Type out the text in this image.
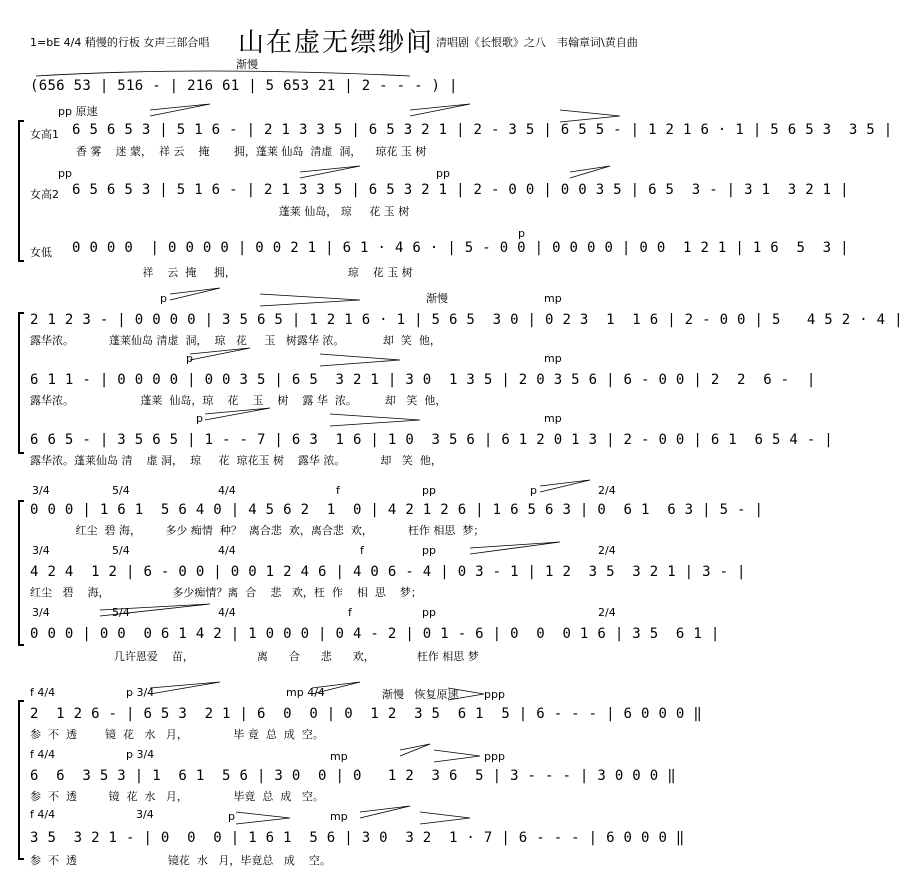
1=bE 4/4 稍慢的行板 女声三部合唱 山在虚无缥缈间 清唱剧《长恨歌》之八　韦翰章词\黄自曲
渐慢
(656 53 | 516 - | 216 61 | 5 653 21 | 2 - - - ) |
女高1 6 5 6 5 3 | 5 1 6 - | 2 1 3 3 5 | 6 5 3 2 1 | 2 - 3 5 | 6 5 5 - | 1 2 1 6 · 1 | 5 6 5 3  3 5 |
香 雾    迷 蒙，  祥 云    掩       拥，蓬莱 仙岛  清虚  洞，    琼花 玉 树
女高2 6 5 6 5 3 | 5 1 6 - | 2 1 3 3 5 | 6 5 3 2 1 | 2 - 0 0 | 0 0 3 5 | 6 5  3 - | 3 1  3 2 1 |
蓬莱 仙岛， 琼     花 玉 树
女低 0 0 0 0  | 0 0 0 0 | 0 0 2 1 | 6 1 · 4 6 · | 5 - 0 0 | 0 0 0 0 | 0 0  1 2 1 | 1 6  5  3 |
祥    云  掩     拥，                                琼    花 玉 树
2 1 2 3 - | 0 0 0 0 | 3 5 6 5 | 1 2 1 6 · 1 | 5 6 5  3 0 | 0 2 3  1  1 6 | 2 - 0 0 | 5   4 5 2 · 4 |
露华浓。          蓬莱仙岛 清虚  洞，  琼   花     玉   树露华 浓。           却  笑  他，
6 1 1 - | 0 0 0 0 | 0 0 3 5 | 6 5  3 2 1 | 3 0  1 3 5 | 2 0 3 5 6 | 6 - 0 0 | 2  2  6 -  |
露华浓。                   蓬莱  仙岛，琼    花    玉    树    露 华  浓。        却   笑  他，
6 6 5 - | 3 5 6 5 | 1 - - 7 | 6 3  1 6 | 1 0  3 5 6 | 6 1 2 0 1 3 | 2 - 0 0 | 6 1  6 5 4 - |
露华浓。蓬莱仙岛 清    虚 洞，  琼     花  琼花玉 树    露华 浓。          却   笑  他，
0 0 0 | 1 6 1  5 6 4 0 | 4 5 6 2  1  0 | 4 2 1 2 6 | 1 6 5 6 3 | 0  6 1  6 3 | 5 - |
红尘  碧 海，       多少 痴情  种？  离合悲  欢，离合悲  欢，          枉作 相思  梦；
4 2 4  1 2 | 6 - 0 0 | 0 0 1 2 4 6 | 4 0 6 - 4 | 0 3 - 1 | 1 2  3 5  3 2 1 | 3 - |
红尘   碧    海，                  多少痴情？离  合    悲   欢，枉  作    相  思    梦；
0 0 0 | 0 0  0 6 1 4 2 | 1 0 0 0 | 0 4 - 2 | 0 1 - 6 | 0  0  0 1 6 | 3 5  6 1 |
几许恩爱    苗，                  离      合      悲      欢，            枉作 相思 梦
2  1 2 6 - | 6 5 3  2 1 | 6  0  0 | 0  1 2  3 5  6 1  5 | 6 - - - | 6 0 0 0 ‖
参  不  透        镜  花   水   月，             毕 竟  总  成  空。
6  6  3 5 3 | 1  6 1  5 6 | 3 0  0 | 0   1 2  3 6  5 | 3 - - - | 3 0 0 0 ‖
参  不  透         镜  花  水   月，             毕竟  总  成   空。
3 5  3 2 1 - | 0  0  0 | 1 6 1  5 6 | 3 0  3 2  1 · 7 | 6 - - - | 6 0 0 0 ‖
参  不  透                          镜花  水   月，毕竟总   成    空。
pp 原速
pp	pp
p
p	渐慢	mp
p	mp
p	mp
3/4	5/4	4/4	f	pp	p	2/4
3/4	5/4	4/4	f	pp	2/4
3/4	5/4	4/4	f	pp	2/4
f 4/4	p 3/4	mp 4/4	渐慢   恢复原速 ppp
f 4/4	p 3/4	mp	ppp
f 4/4	3/4	p	mp
